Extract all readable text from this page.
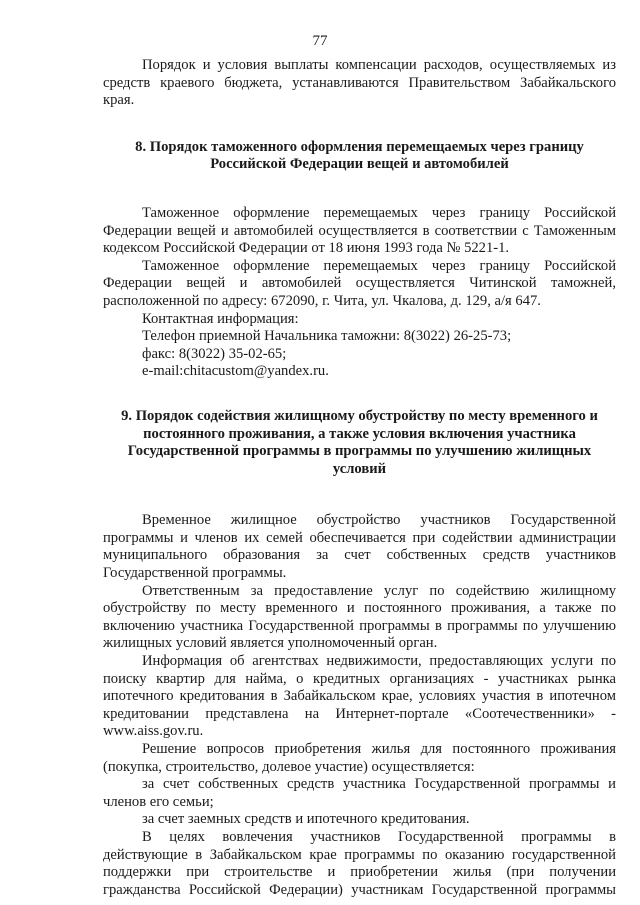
77

Порядок и условия выплаты компенсации расходов, осуществляемых из средств краевого бюджета, устанавливаются Правительством Забайкальского края.

8. Порядок таможенного оформления перемещаемых через границу Российской Федерации вещей и автомобилей

Таможенное оформление перемещаемых через границу Российской Федерации вещей и автомобилей осуществляется в соответствии с Таможенным кодексом Российской Федерации от 18 июня 1993 года № 5221-1.

Таможенное оформление перемещаемых через границу Российской Федерации вещей и автомобилей осуществляется Читинской таможней, расположенной по адресу: 672090, г. Чита, ул. Чкалова, д. 129, а/я 647.

Контактная информация:

Телефон приемной Начальника таможни: 8(3022) 26-25-73;

факс: 8(3022) 35-02-65;

e-mail:chitacustom@yandex.ru.

9. Порядок содействия жилищному обустройству по месту временного и постоянного проживания, а также условия включения участника Государственной программы в программы по улучшению жилищных условий

Временное жилищное обустройство участников Государственной программы и членов их семей обеспечивается при содействии администрации муниципального образования за счет собственных средств участников Государственной программы.

Ответственным за предоставление услуг по содействию жилищному обустройству по месту временного и постоянного проживания, а также по включению участника Государственной программы в программы по улучшению жилищных условий является уполномоченный орган.

Информация об агентствах недвижимости, предоставляющих услуги по поиску квартир для найма, о кредитных организациях - участниках рынка ипотечного кредитования в Забайкальском крае, условиях участия в ипотечном кредитовании представлена на Интернет-портале «Соотечественники» - www.aiss.gov.ru.

Решение вопросов приобретения жилья для постоянного проживания (покупка, строительство, долевое участие) осуществляется:

за счет собственных средств участника Государственной программы и членов его семьи;

за счет заемных средств и ипотечного кредитования.

В целях вовлечения участников Государственной программы в действующие в Забайкальском крае программы по оказанию государственной поддержки при строительстве и приобретении жилья (при получении гражданства Российской Федерации) участникам Государственной программы
